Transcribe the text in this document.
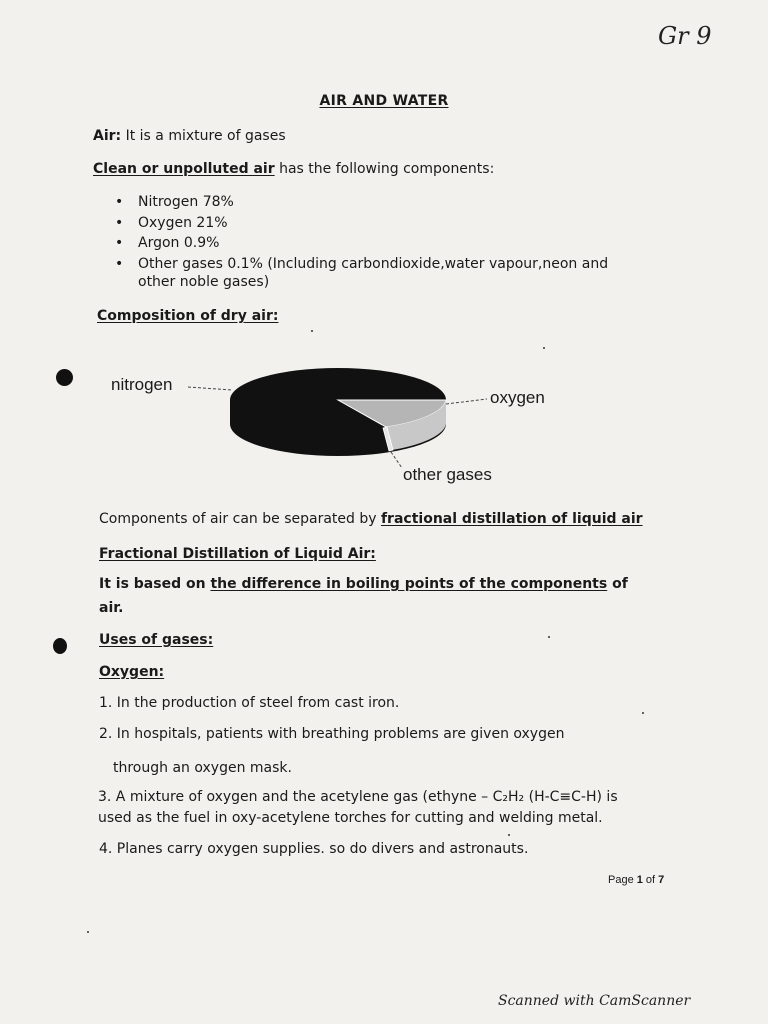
Gr 9
AIR AND WATER
Air: It is a mixture of gases
Clean or unpolluted air has the following components:
• Nitrogen 78%
• Oxygen 21%
• Argon 0.9%
• Other gases 0.1% (Including carbondioxide,water vapour,neon and
other noble gases)
Composition of dry air:
nitrogen
oxygen
other gases
Components of air can be separated by fractional distillation of liquid air
Fractional Distillation of Liquid Air:
It is based on the difference in boiling points of the components of
air.
Uses of gases:
Oxygen:
1. In the production of steel from cast iron.
2. In hospitals, patients with breathing problems are given oxygen
through an oxygen mask.
3. A mixture of oxygen and the acetylene gas (ethyne – C₂H₂ (H-C≡C-H) is
used as the fuel in oxy-acetylene torches for cutting and welding metal.
4. Planes carry oxygen supplies. so do divers and astronauts.
Page 1 of 7
Scanned with CamScanner
